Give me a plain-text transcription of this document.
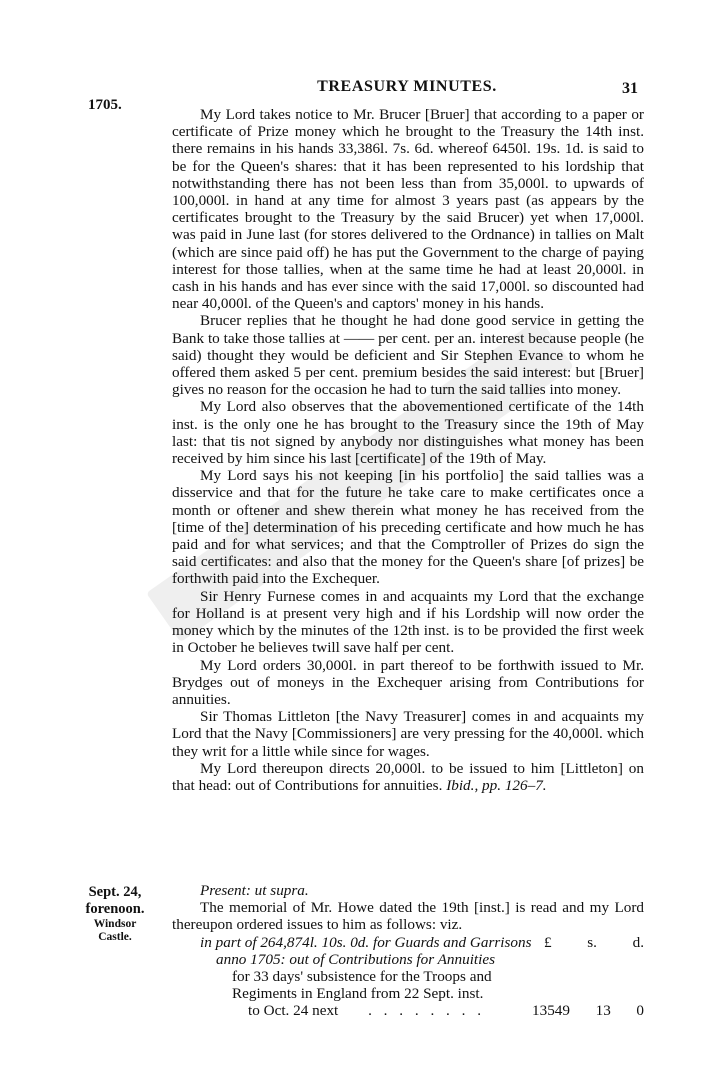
TREASURY MINUTES.	31
1705.

My Lord takes notice to Mr. Brucer [Bruer] that according to a paper or certificate of Prize money which he brought to the Treasury the 14th inst. there remains in his hands 33,386l. 7s. 6d. whereof 6450l. 19s. 1d. is said to be for the Queen's shares: that it has been represented to his lordship that notwithstanding there has not been less than from 35,000l. to upwards of 100,000l. in hand at any time for almost 3 years past (as appears by the certificates brought to the Treasury by the said Brucer) yet when 17,000l. was paid in June last (for stores delivered to the Ordnance) in tallies on Malt (which are since paid off) he has put the Government to the charge of paying interest for those tallies, when at the same time he had at least 20,000l. in cash in his hands and has ever since with the said 17,000l. so discounted had near 40,000l. of the Queen's and captors' money in his hands.

Brucer replies that he thought he had done good service in getting the Bank to take those tallies at —— per cent. per an. interest because people (he said) thought they would be deficient and Sir Stephen Evance to whom he offered them asked 5 per cent. premium besides the said interest: but [Bruer] gives no reason for the occasion he had to turn the said tallies into money.

My Lord also observes that the abovementioned certificate of the 14th inst. is the only one he has brought to the Treasury since the 19th of May last: that tis not signed by anybody nor distinguishes what money has been received by him since his last [certificate] of the 19th of May.

My Lord says his not keeping [in his portfolio] the said tallies was a disservice and that for the future he take care to make certificates once a month or oftener and shew therein what money he has received from the [time of the] determination of his preceding certificate and how much he has paid and for what services; and that the Comptroller of Prizes do sign the said certificates: and also that the money for the Queen's share [of prizes] be forthwith paid into the Exchequer.

Sir Henry Furnese comes in and acquaints my Lord that the exchange for Holland is at present very high and if his Lordship will now order the money which by the minutes of the 12th inst. is to be provided the first week in October he believes twill save half per cent.

My Lord orders 30,000l. in part thereof to be forthwith issued to Mr. Brydges out of moneys in the Exchequer arising from Contributions for annuities.

Sir Thomas Littleton [the Navy Treasurer] comes in and acquaints my Lord that the Navy [Commissioners] are very pressing for the 40,000l. which they writ for a little while since for wages.

My Lord thereupon directs 20,000l. to be issued to him [Littleton] on that head: out of Contributions for annuities. Ibid., pp. 126–7.

Sept. 24,
forenoon.
Windsor
Castle.
Present: ut supra.
The memorial of Mr. Howe dated the 19th [inst.] is read and my Lord thereupon ordered issues to him as follows: viz.
£ s. d.
in part of 264,874l. 10s. 0d. for Guards and Garrisons
anno 1705: out of Contributions for Annuities
for 33 days' subsistence for the Troops and
Regiments in England from 22 Sept. inst.
to Oct. 24 next . . . . . . . .	13549 13 0
